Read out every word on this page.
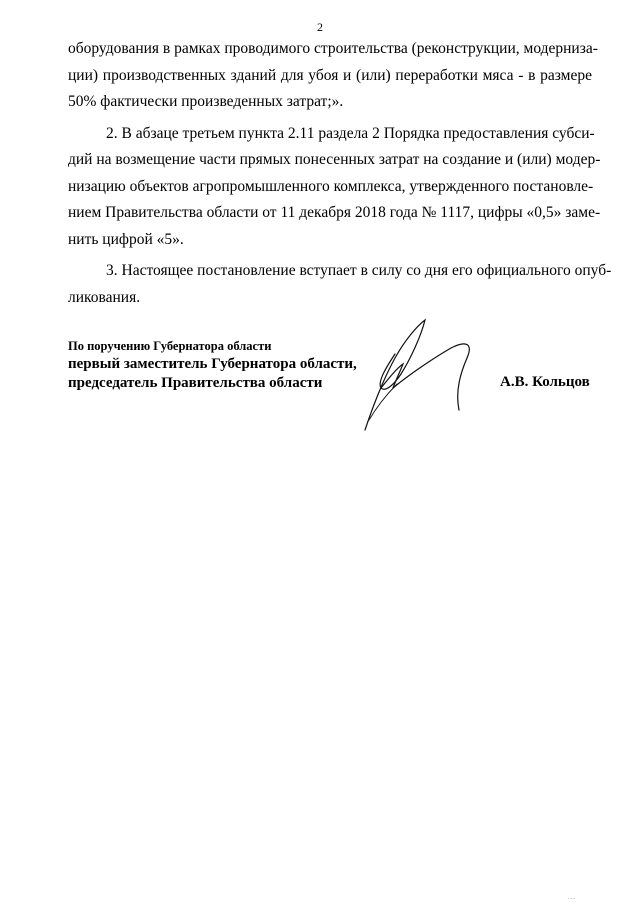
2
оборудования в рамках проводимого строительства (реконструкции, модерниза-
ции) производственных зданий для убоя и (или) переработки мяса - в размере
50% фактически произведенных затрат;».
2. В абзаце третьем пункта 2.11 раздела 2 Порядка предоставления субси-
дий на возмещение части прямых понесенных затрат на создание и (или) модер-
низацию объектов агропромышленного комплекса, утвержденного постановле-
нием Правительства области от 11 декабря 2018 года № 1117, цифры «0,5» заме-
нить цифрой «5».
3. Настоящее постановление вступает в силу со дня его официального опуб-
ликования.
По поручению Губернатора области
первый заместитель Губернатора области,
председатель Правительства области	А.В. Кольцов
.....
